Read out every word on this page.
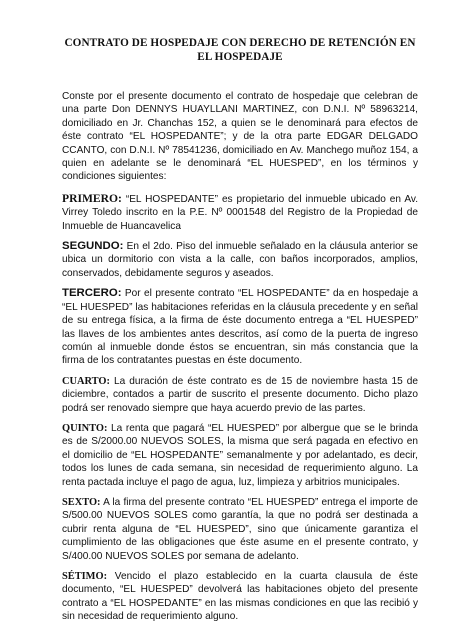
CONTRATO DE HOSPEDAJE CON DERECHO DE RETENCIÓN EN EL HOSPEDAJE

Conste por el presente documento el contrato de hospedaje que celebran de una parte Don DENNYS HUAYLLANI MARTINEZ, con D.N.I. Nº 58963214, domiciliado en Jr. Chanchas 152, a quien se le denominará para efectos de éste contrato “EL HOSPEDANTE”; y de la otra parte EDGAR DELGADO CCANTO, con D.N.I. Nº 78541236, domiciliado en Av. Manchego muñoz 154, a quien en adelante se le denominará “EL HUESPED”, en los términos y condiciones siguientes:

PRIMERO: “EL HOSPEDANTE” es propietario del inmueble ubicado en Av. Virrey Toledo inscrito en la P.E. Nº 0001548 del Registro de la Propiedad de Inmueble de Huancavelica

SEGUNDO: En el 2do. Piso del inmueble señalado en la cláusula anterior se ubica un dormitorio con vista a la calle, con baños incorporados, amplios, conservados, debidamente seguros y aseados.

TERCERO: Por el presente contrato “EL HOSPEDANTE” da en hospedaje a “EL HUESPED” las habitaciones referidas en la cláusula precedente y en señal de su entrega física, a la firma de éste documento entrega a “EL HUESPED” las llaves de los ambientes antes descritos, así como de la puerta de ingreso común al inmueble donde éstos se encuentran, sin más constancia que la firma de los contratantes puestas en éste documento.

CUARTO: La duración de éste contrato es de 15 de noviembre hasta 15 de diciembre, contados a partir de suscrito el presente documento. Dicho plazo podrá ser renovado siempre que haya acuerdo previo de las partes.

QUINTO: La renta que pagará “EL HUESPED” por albergue que se le brinda es de S/2000.00 NUEVOS SOLES, la misma que será pagada en efectivo en el domicilio de “EL HOSPEDANTE” semanalmente y por adelantado, es decir, todos los lunes de cada semana, sin necesidad de requerimiento alguno. La renta pactada incluye el pago de agua, luz, limpieza y arbitrios municipales.

SEXTO: A la firma del presente contrato “EL HUESPED” entrega el importe de S/500.00 NUEVOS SOLES como garantía, la que no podrá ser destinada a cubrir renta alguna de “EL HUESPED”, sino que únicamente garantiza el cumplimiento de las obligaciones que éste asume en el presente contrato, y S/400.00 NUEVOS SOLES por semana de adelanto.

SÉTIMO: Vencido el plazo establecido en la cuarta clausula de éste documento, “EL HUESPED” devolverá las habitaciones objeto del presente contrato a “EL HOSPEDANTE” en las mismas condiciones en que las recibió y sin necesidad de requerimiento alguno.
